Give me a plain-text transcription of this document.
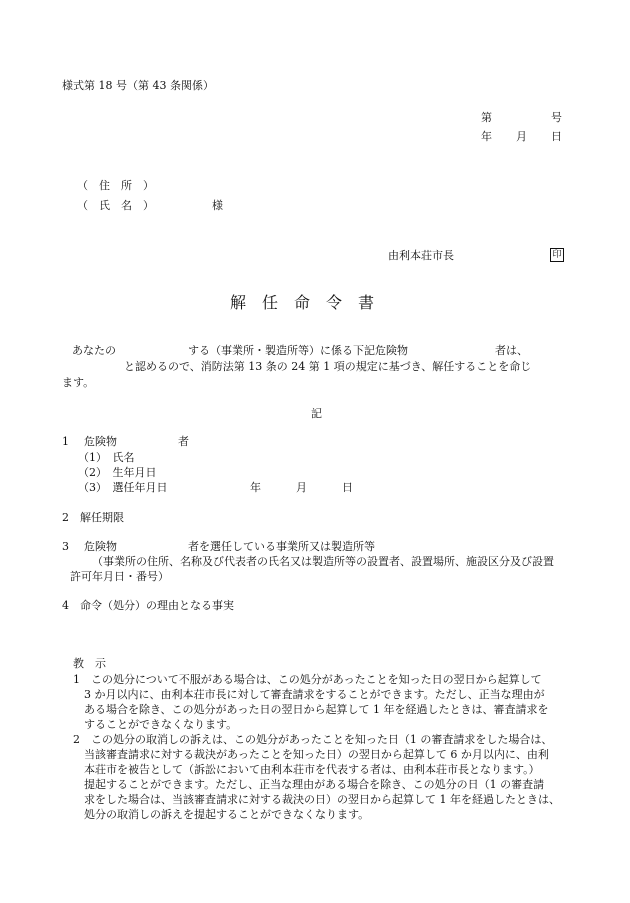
様式第 18 号（第 43 条関係）
第	号
年 月 日
（　住　所　）
（　氏　名　）	様
由利本荘市長	印
解 任 命 令 書
あなたの	する（事業所・製造所等）に係る下記危険物	者は、
と認めるので、消防法第 13 条の 24 第 1 項の規定に基づき、解任することを命じ
ます。
記
1 危険物	者
（1）　氏名
（2）　生年月日
（3）　選任年月日	年	月	日
2　解任期限
3 危険物	者を選任している事業所又は製造所等
（事業所の住所、名称及び代表者の氏名又は製造所等の設置者、設置場所、施設区分及び設置
許可年月日・番号）
4　命令（処分）の理由となる事実
教　示
1　この処分について不服がある場合は、この処分があったことを知った日の翌日から起算して
3 か月以内に、由利本荘市長に対して審査請求をすることができます。ただし、正当な理由が
ある場合を除き、この処分があった日の翌日から起算して 1 年を経過したときは、審査請求を
することができなくなります。
2　この処分の取消しの訴えは、この処分があったことを知った日（1 の審査請求をした場合は、
当該審査請求に対する裁決があったことを知った日）の翌日から起算して 6 か月以内に、由利
本荘市を被告として（訴訟において由利本荘市を代表する者は、由利本荘市長となります。）
提起することができます。ただし、正当な理由がある場合を除き、この処分の日（1 の審査請
求をした場合は、当該審査請求に対する裁決の日）の翌日から起算して 1 年を経過したときは、
処分の取消しの訴えを提起することができなくなります。
